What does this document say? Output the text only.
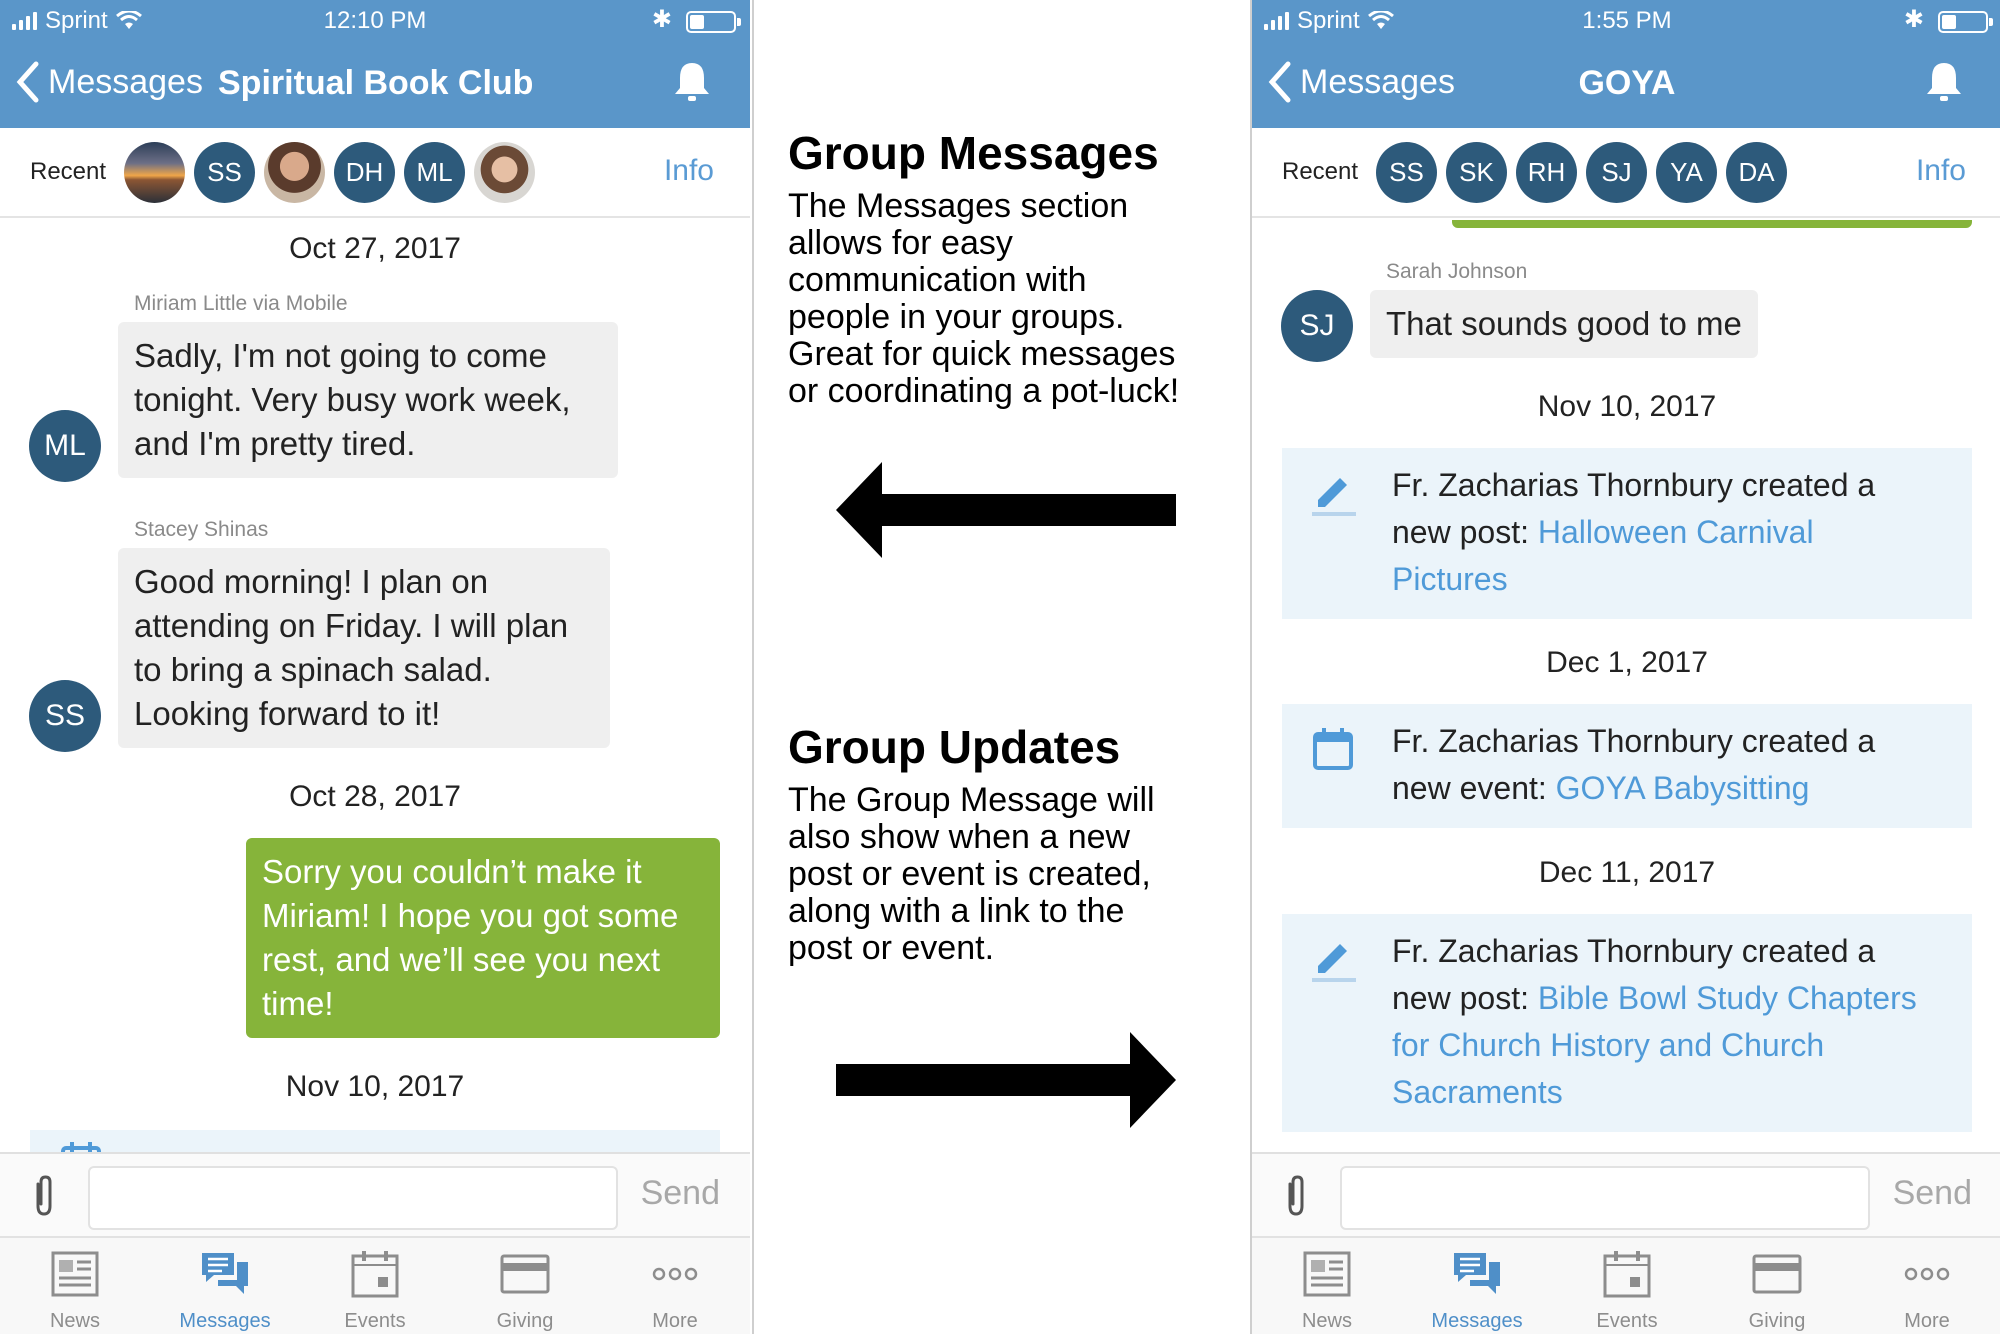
Sprint	12:10 PM	✱
Messages Spiritual Book Club
Recent	SS	DH	ML	Info
Oct 27, 2017
Miriam Little via Mobile
ML
Sadly, I'm not going to come
tonight. Very busy work week,
and I'm pretty tired.
Stacey Shinas
SS
Good morning! I plan on
attending on Friday. I will plan
to bring a spinach salad.
Looking forward to it!
Oct 28, 2017
Sorry you couldn’t make it
Miriam! I hope you got some
rest, and we’ll see you next
time!
Nov 10, 2017
Send
News	Messages	Events	Giving	More
Group Messages
The Messages section
allows for easy
communication with
people in your groups.
Great for quick messages
or coordinating a pot-luck!
Group Updates
The Group Message will
also show when a new
post or event is created,
along with a link to the
post or event.
Sprint	1:55 PM	✱
Messages	GOYA
Recent	SS	SK	RH	SJ	YA	DA	Info
Sarah Johnson
SJ	That sounds good to me
Nov 10, 2017
Fr. Zacharias Thornbury created a
new post: Halloween Carnival
Pictures
Dec 1, 2017
Fr. Zacharias Thornbury created a
new event: GOYA Babysitting
Dec 11, 2017
Fr. Zacharias Thornbury created a
new post: Bible Bowl Study Chapters
for Church History and Church
Sacraments
Send
News	Messages	Events	Giving	More
